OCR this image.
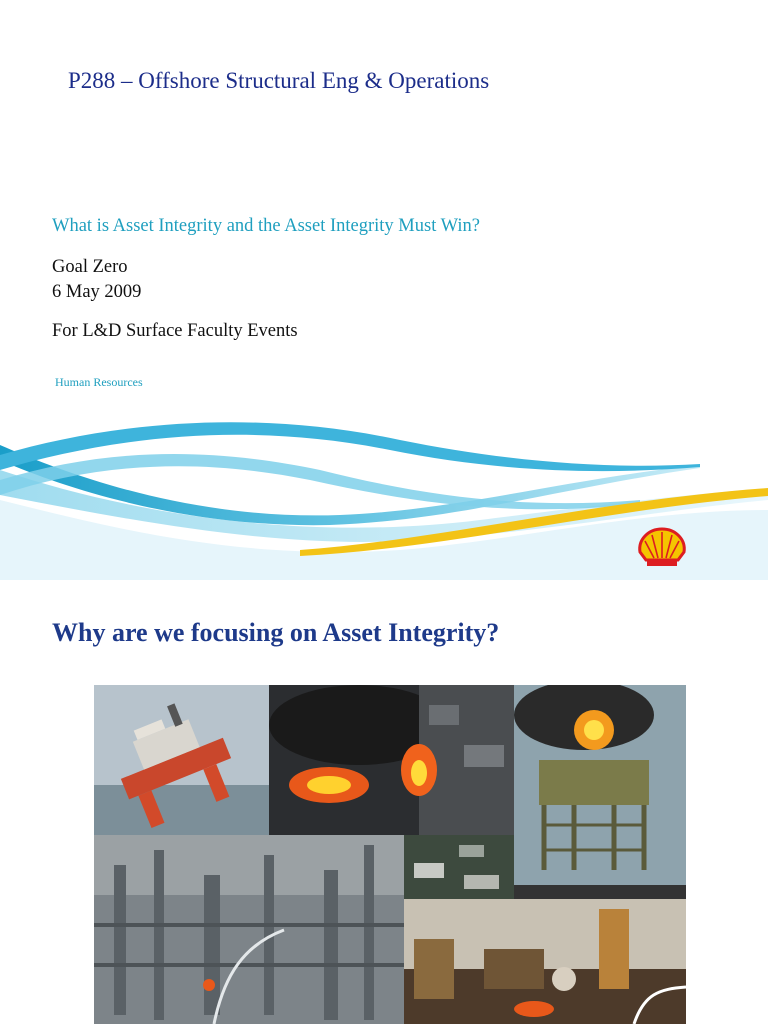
P288 – Offshore Structural Eng & Operations
What is Asset Integrity and the Asset Integrity Must Win?
Goal Zero
6 May 2009
For L&D Surface Faculty Events
Human Resources
Why are we focusing on Asset Integrity?
